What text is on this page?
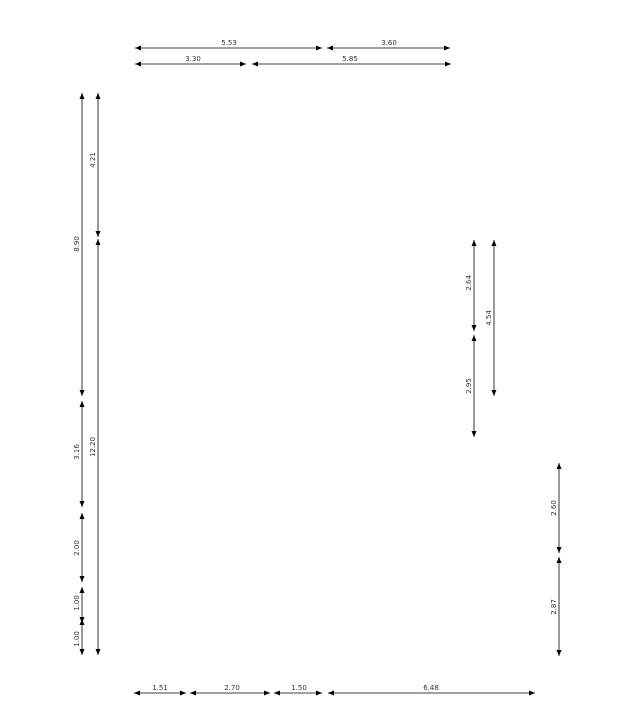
5.53	3.60
3.30	5.85
8.90
3.16
2.00
1.00
1.00
4.21
12.20
2.64
2.95
4.54
2.60
2.87
1.51	2.70	1.50	6.48
